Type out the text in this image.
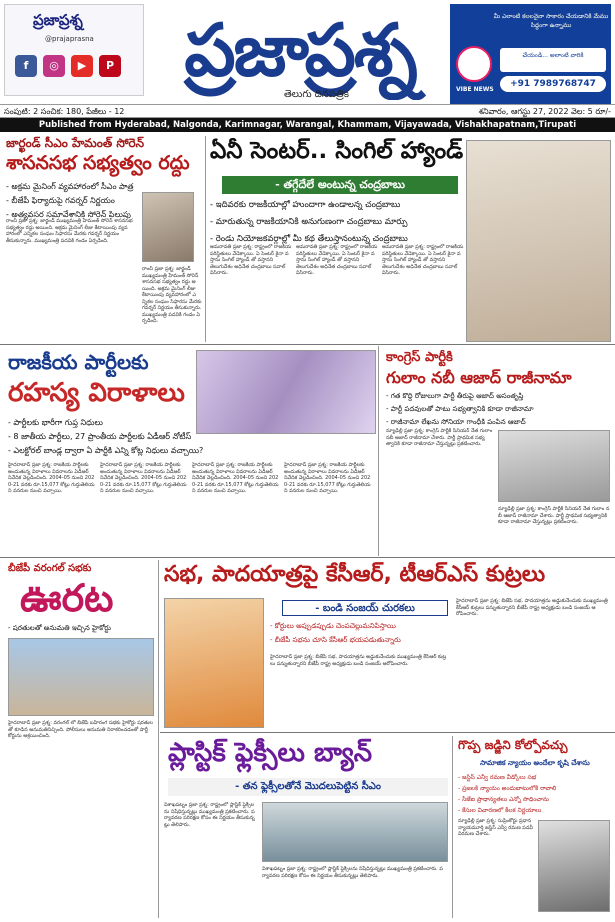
ప్రజాప్రశ్న
@prajaprasna
f	◎	▶	P ప్రజాప్రశ్న
తెలుగు దినపత్రిక
మీ ఎలాంటి కలలనైనా సాకారం చేయడానికి మేము సిద్ధంగా ఉన్నాము
VIBE NEWS
చేయండి... అలాంటి వారికి
+91 7989768747
సంపుటి: 2 సంచిక: 180, పేజీలు - 12	శనివారం, ఆగస్టు 27, 2022 వెల: 5 రూ/-
Published from Hyderabad, Nalgonda, Karimnagar, Warangal, Khammam, Vijayawada, Vishakhapatnam,Tirupati
జార్ఖండ్ సీఎం హేమంత్ సోరెన్
శాసనసభ సభ్యత్వం రద్దు
- అక్రమ మైనింగ్ వ్యవహారంలో సీఎం పాత్ర
- బీజేపీ ఫిర్యాదుపై గవర్నర్ నిర్ణయం
- అత్యవసర సమావేశానికి సోరెన్ పిలుపు
రాంచీ ప్రజా ప్రశ్న: జార్ఖండ్ ముఖ్యమంత్రి హేమంత్ సోరెన్ శాసనసభ సభ్యత్వం రద్దు అయింది. అక్రమ మైనింగ్ లీజు కేటాయింపు వ్యవహారంలో ఎన్నికల సంఘం సిఫారసు మేరకు గవర్నర్ నిర్ణయం తీసుకున్నారు. ముఖ్యమంత్రి పదవికి గండం ఏర్పడింది.
రాంచీ ప్రజా ప్రశ్న: జార్ఖండ్ ముఖ్యమంత్రి హేమంత్ సోరెన్ శాసనసభ సభ్యత్వం రద్దు అయింది. అక్రమ మైనింగ్ లీజు కేటాయింపు వ్యవహారంలో ఎన్నికల సంఘం సిఫారసు మేరకు గవర్నర్ నిర్ణయం తీసుకున్నారు. ముఖ్యమంత్రి పదవికి గండం ఏర్పడింది.
ఏనీ సెంటర్.. సింగిల్ హ్యాండ్
- తగ్గేదేలే అంటున్న చంద్రబాబు
- ఇదివరకు రాజకీయాల్లో హుందాగా ఉండాలన్న చంద్రబాబు
- మారుతున్న రాజకీయానికి అనుగుణంగా చంద్రబాబు మార్పు
- రెండు నియోజకవర్గాల్లో మీ కథ తేలుస్తానంటున్న చంద్రబాబు
అమరావతి ప్రజా ప్రశ్న: రాష్ట్రంలో రాజకీయ పరిస్థితులు వేడెక్కాయి. ఏ సెంటర్ కైనా వస్తాను సింగిల్ హ్యాండ్ తో వస్తానని తెలుగుదేశం అధినేత చంద్రబాబు సవాల్ విసిరారు.
అమరావతి ప్రజా ప్రశ్న: రాష్ట్రంలో రాజకీయ పరిస్థితులు వేడెక్కాయి. ఏ సెంటర్ కైనా వస్తాను సింగిల్ హ్యాండ్ తో వస్తానని తెలుగుదేశం అధినేత చంద్రబాబు సవాల్ విసిరారు.
అమరావతి ప్రజా ప్రశ్న: రాష్ట్రంలో రాజకీయ పరిస్థితులు వేడెక్కాయి. ఏ సెంటర్ కైనా వస్తాను సింగిల్ హ్యాండ్ తో వస్తానని తెలుగుదేశం అధినేత చంద్రబాబు సవాల్ విసిరారు.
రాజకీయ పార్టీలకు
రహస్య విరాళాలు
- పార్టీలకు భారీగా గుప్త నిధులు
- 8 జాతీయ పార్టీలు, 27 ప్రాంతీయ పార్టీలకు ఏడీఆర్ నోటీస్
- ఎలక్టోరల్ బాండ్ల ద్వారా ఏ పార్టీకి ఎన్ని కోట్ల నిధులు వచ్చాయి?
హైదరాబాద్ ప్రజా ప్రశ్న: రాజకీయ పార్టీలకు అందుతున్న విరాళాలు వివరాలను ఏడీఆర్ నివేదిక వెల్లడించింది. 2004-05 నుంచి 2020-21 వరకు రూ.15,077 కోట్లు గుర్తుతెలియని వనరుల నుంచి వచ్చాయి.
హైదరాబాద్ ప్రజా ప్రశ్న: రాజకీయ పార్టీలకు అందుతున్న విరాళాలు వివరాలను ఏడీఆర్ నివేదిక వెల్లడించింది. 2004-05 నుంచి 2020-21 వరకు రూ.15,077 కోట్లు గుర్తుతెలియని వనరుల నుంచి వచ్చాయి.
హైదరాబాద్ ప్రజా ప్రశ్న: రాజకీయ పార్టీలకు అందుతున్న విరాళాలు వివరాలను ఏడీఆర్ నివేదిక వెల్లడించింది. 2004-05 నుంచి 2020-21 వరకు రూ.15,077 కోట్లు గుర్తుతెలియని వనరుల నుంచి వచ్చాయి.
హైదరాబాద్ ప్రజా ప్రశ్న: రాజకీయ పార్టీలకు అందుతున్న విరాళాలు వివరాలను ఏడీఆర్ నివేదిక వెల్లడించింది. 2004-05 నుంచి 2020-21 వరకు రూ.15,077 కోట్లు గుర్తుతెలియని వనరుల నుంచి వచ్చాయి.
కాంగ్రెస్ పార్టీకి
గులాం నబీ ఆజాద్ రాజీనామా
- గత కొద్ది రోజులుగా పార్టీ తీరుపై ఆజాద్ అసంతృప్తి
- పార్టీ పదవులతో పాటు సభ్యత్వానికి కూడా రాజీనామా
- రాజీనామా లేఖను సోనియా గాంధీకి పంపిన ఆజాద్
న్యూఢిల్లీ ప్రజా ప్రశ్న: కాంగ్రెస్ పార్టీకి సీనియర్ నేత గులాం నబీ ఆజాద్ రాజీనామా చేశారు. పార్టీ ప్రాథమిక సభ్యత్వానికి కూడా రాజీనామా చేస్తున్నట్లు ప్రకటించారు.
న్యూఢిల్లీ ప్రజా ప్రశ్న: కాంగ్రెస్ పార్టీకి సీనియర్ నేత గులాం నబీ ఆజాద్ రాజీనామా చేశారు. పార్టీ ప్రాథమిక సభ్యత్వానికి కూడా రాజీనామా చేస్తున్నట్లు ప్రకటించారు.
బీజేపీ వరంగల్ సభకు
ఊరట
- షరతులతో అనుమతి ఇచ్చిన హైకోర్టు
హైదరాబాద్ ప్రజా ప్రశ్న: వరంగల్ లో బీజేపీ బహిరంగ సభకు హైకోర్టు షరతులతో కూడిన అనుమతినిచ్చింది. పోలీసులు అనుమతి నిరాకరించడంతో పార్టీ కోర్టును ఆశ్రయించింది.
సభ, పాదయాత్రపై కేసీఆర్, టీఆర్ఎస్ కుట్రలు
- బండి సంజయ్ చురకలు
- కోర్టులు అప్పుడప్పుడు చెంపచెల్లుమనిపిస్తాయి
- బీజేపీ సభను చూసి కేసీఆర్ భయపడుతున్నారు
హైదరాబాద్ ప్రజా ప్రశ్న: బీజేపీ సభ, పాదయాత్రను అడ్డుకునేందుకు ముఖ్యమంత్రి కేసీఆర్ కుట్రలు పన్నుతున్నారని బీజేపీ రాష్ట్ర అధ్యక్షుడు బండి సంజయ్ ఆరోపించారు.
హైదరాబాద్ ప్రజా ప్రశ్న: బీజేపీ సభ, పాదయాత్రను అడ్డుకునేందుకు ముఖ్యమంత్రి కేసీఆర్ కుట్రలు పన్నుతున్నారని బీజేపీ రాష్ట్ర అధ్యక్షుడు బండి సంజయ్ ఆరోపించారు.
ప్లాస్టిక్ ఫ్లెక్సీలు బ్యాన్
- తన ఫ్లెక్సీలతోనే మొదలుపెట్టిన సీఎం
విశాఖపట్నం ప్రజా ప్రశ్న: రాష్ట్రంలో ప్లాస్టిక్ ఫ్లెక్సీలను నిషేధిస్తున్నట్లు ముఖ్యమంత్రి ప్రకటించారు. పర్యావరణ పరిరక్షణ కోసం ఈ నిర్ణయం తీసుకున్నట్లు తెలిపారు.
విశాఖపట్నం ప్రజా ప్రశ్న: రాష్ట్రంలో ప్లాస్టిక్ ఫ్లెక్సీలను నిషేధిస్తున్నట్లు ముఖ్యమంత్రి ప్రకటించారు. పర్యావరణ పరిరక్షణ కోసం ఈ నిర్ణయం తీసుకున్నట్లు తెలిపారు.
గొప్ప జడ్జిని కోల్పోవచ్చు
సామాజిక న్యాయం అందేలా కృషి చేశాను
- జస్టిస్ ఎన్వీ రమణ వీడ్కోలు సభ
- ప్రజలకి న్యాయం అందుబాటులోకి రావాలి
- సీజేఐ ప్రాధాన్యతలు ఎన్నో సాధించాను
- కేసుల విచారణలో కీలక నిర్ణయాలు
న్యూఢిల్లీ ప్రజా ప్రశ్న: సుప్రీంకోర్టు ప్రధాన న్యాయమూర్తి జస్టిస్ ఎన్వీ రమణ పదవీ విరమణ చేశారు.
